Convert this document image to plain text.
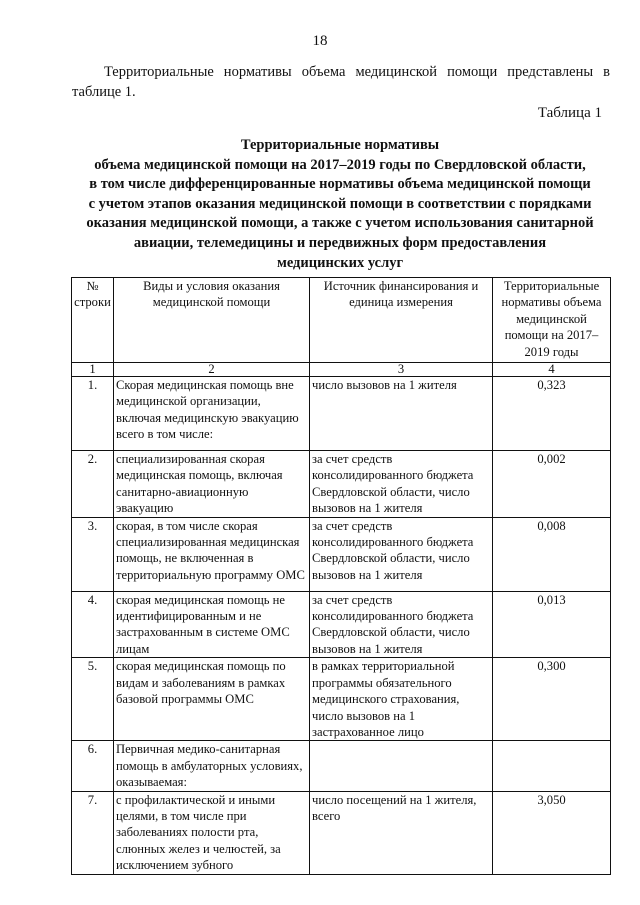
18

Территориальные нормативы объема медицинской помощи представлены в таблице 1.

Таблица 1
Территориальные нормативы
объема медицинской помощи на 2017–2019 годы по Свердловской области,
в том числе дифференцированные нормативы объема медицинской помощи
с учетом этапов оказания медицинской помощи в соответствии с порядками
оказания медицинской помощи, а также с учетом использования санитарной
авиации, телемедицины и передвижных форм предоставления
медицинских услуг
№ строки	Виды и условия оказания медицинской помощи	Источник финансирования и единица измерения	Территориальные нормативы объема медицинской помощи на 2017–2019 годы
1	2	3	4
1.	Скорая медицинская помощь вне медицинской организации, включая медицинскую эвакуацию всего в том числе:	число вызовов на 1 жителя	0,323
2.	специализированная скорая медицинская помощь, включая санитарно-авиационную эвакуацию	за счет средств консолидированного бюджета Свердловской области, число вызовов на 1 жителя	0,002
3.	скорая, в том числе скорая специализированная медицинская помощь, не включенная в территориальную программу ОМС	за счет средств консолидированного бюджета Свердловской области, число вызовов на 1 жителя	0,008
4.	скорая медицинская помощь не идентифицированным и не застрахованным в системе ОМС лицам	за счет средств консолидированного бюджета Свердловской области, число вызовов на 1 жителя	0,013
5.	скорая медицинская помощь по видам и заболеваниям в рамках базовой программы ОМС	в рамках территориальной программы обязательного медицинского страхования, число вызовов на 1 застрахованное лицо	0,300
6.	Первичная медико-санитарная помощь в амбулаторных условиях, оказываемая:		
7.	с профилактической и иными целями, в том числе при заболеваниях полости рта, слюнных желез и челюстей, за исключением зубного	число посещений на 1 жителя, всего	3,050
